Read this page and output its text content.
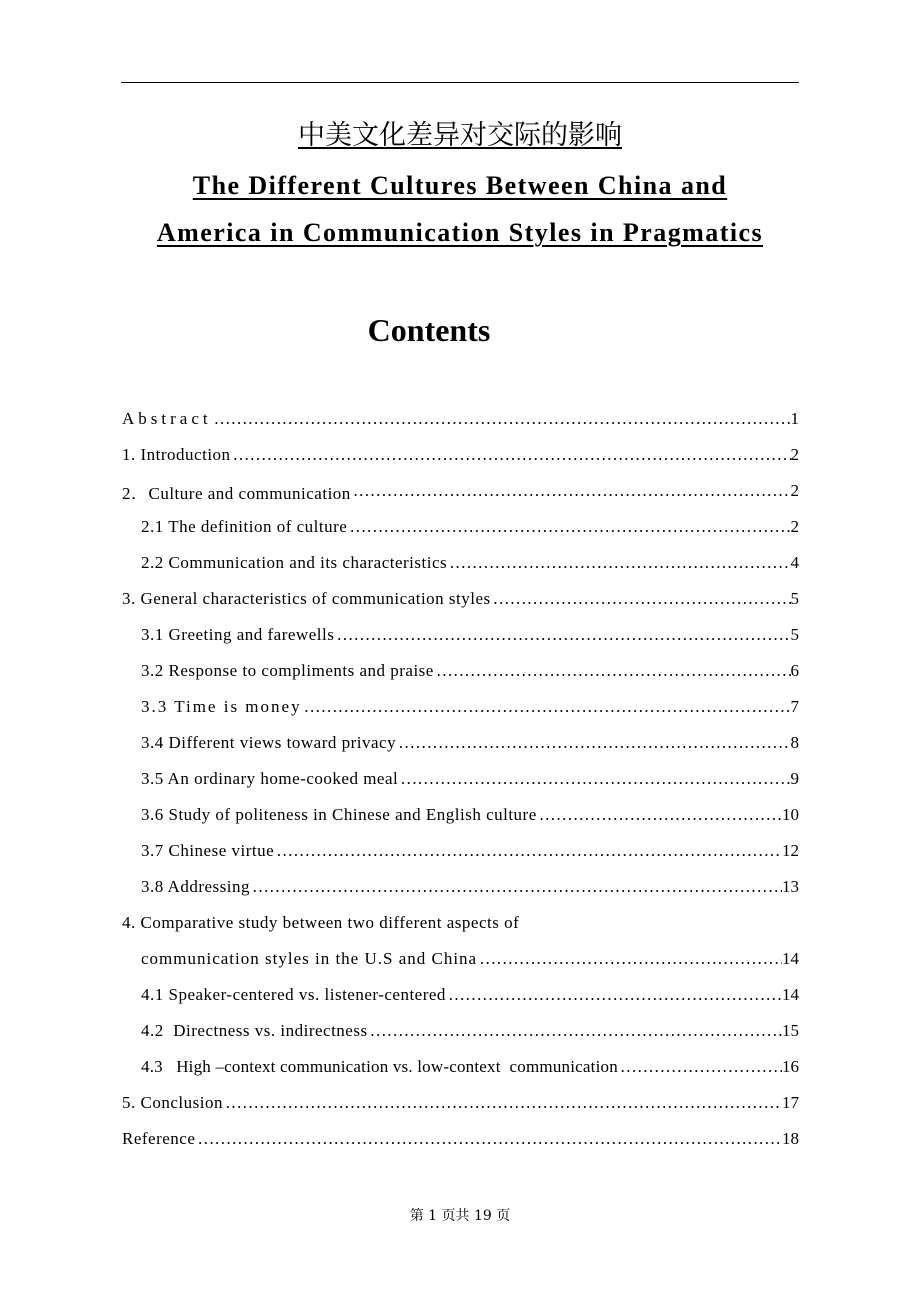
中美文化差异对交际的影响
The Different Cultures Between China and
America in Communication Styles in Pragmatics
Contents
Abstract ………………………………………………………………………………………………………………………………………………………………………………………………	1
1. Introduction ………………………………………………………………………………………………………………………………………………………………………………………………	2
2．Culture and communication ………………………………………………………………………………………………………………………………………………………………………………………………	2
2.1 The definition of culture ………………………………………………………………………………………………………………………………………………………………………………………………	2
2.2 Communication and its characteristics ………………………………………………………………………………………………………………………………………………………………………………………………	4
3. General characteristics of communication styles ………………………………………………………………………………………………………………………………………………………………………………………………	5
3.1 Greeting and farewells ………………………………………………………………………………………………………………………………………………………………………………………………	5
3.2 Response to compliments and praise ………………………………………………………………………………………………………………………………………………………………………………………………	6
3.3 Time is money ………………………………………………………………………………………………………………………………………………………………………………………………	7
3.4 Different views toward privacy ………………………………………………………………………………………………………………………………………………………………………………………………	8
3.5 An ordinary home-cooked meal ………………………………………………………………………………………………………………………………………………………………………………………………	9
3.6 Study of politeness in Chinese and English culture ………………………………………………………………………………………………………………………………………………………………………………………………	10
3.7 Chinese virtue ………………………………………………………………………………………………………………………………………………………………………………………………	12
3.8 Addressing ………………………………………………………………………………………………………………………………………………………………………………………………	13
4. Comparative study between two different aspects of
communication styles in the U.S and China ………………………………………………………………………………………………………………………………………………………………………………………………	14
4.1 Speaker-centered vs. listener-centered ………………………………………………………………………………………………………………………………………………………………………………………………	14
4.2  Directness vs. indirectness ………………………………………………………………………………………………………………………………………………………………………………………………	15
4.3   High –context communication vs. low-context  communication ………………………………………………………………………………………………………………………………………………………………………………………………	16
5. Conclusion ………………………………………………………………………………………………………………………………………………………………………………………………	17
Reference ………………………………………………………………………………………………………………………………………………………………………………………………	18
第 1 页共 19 页
